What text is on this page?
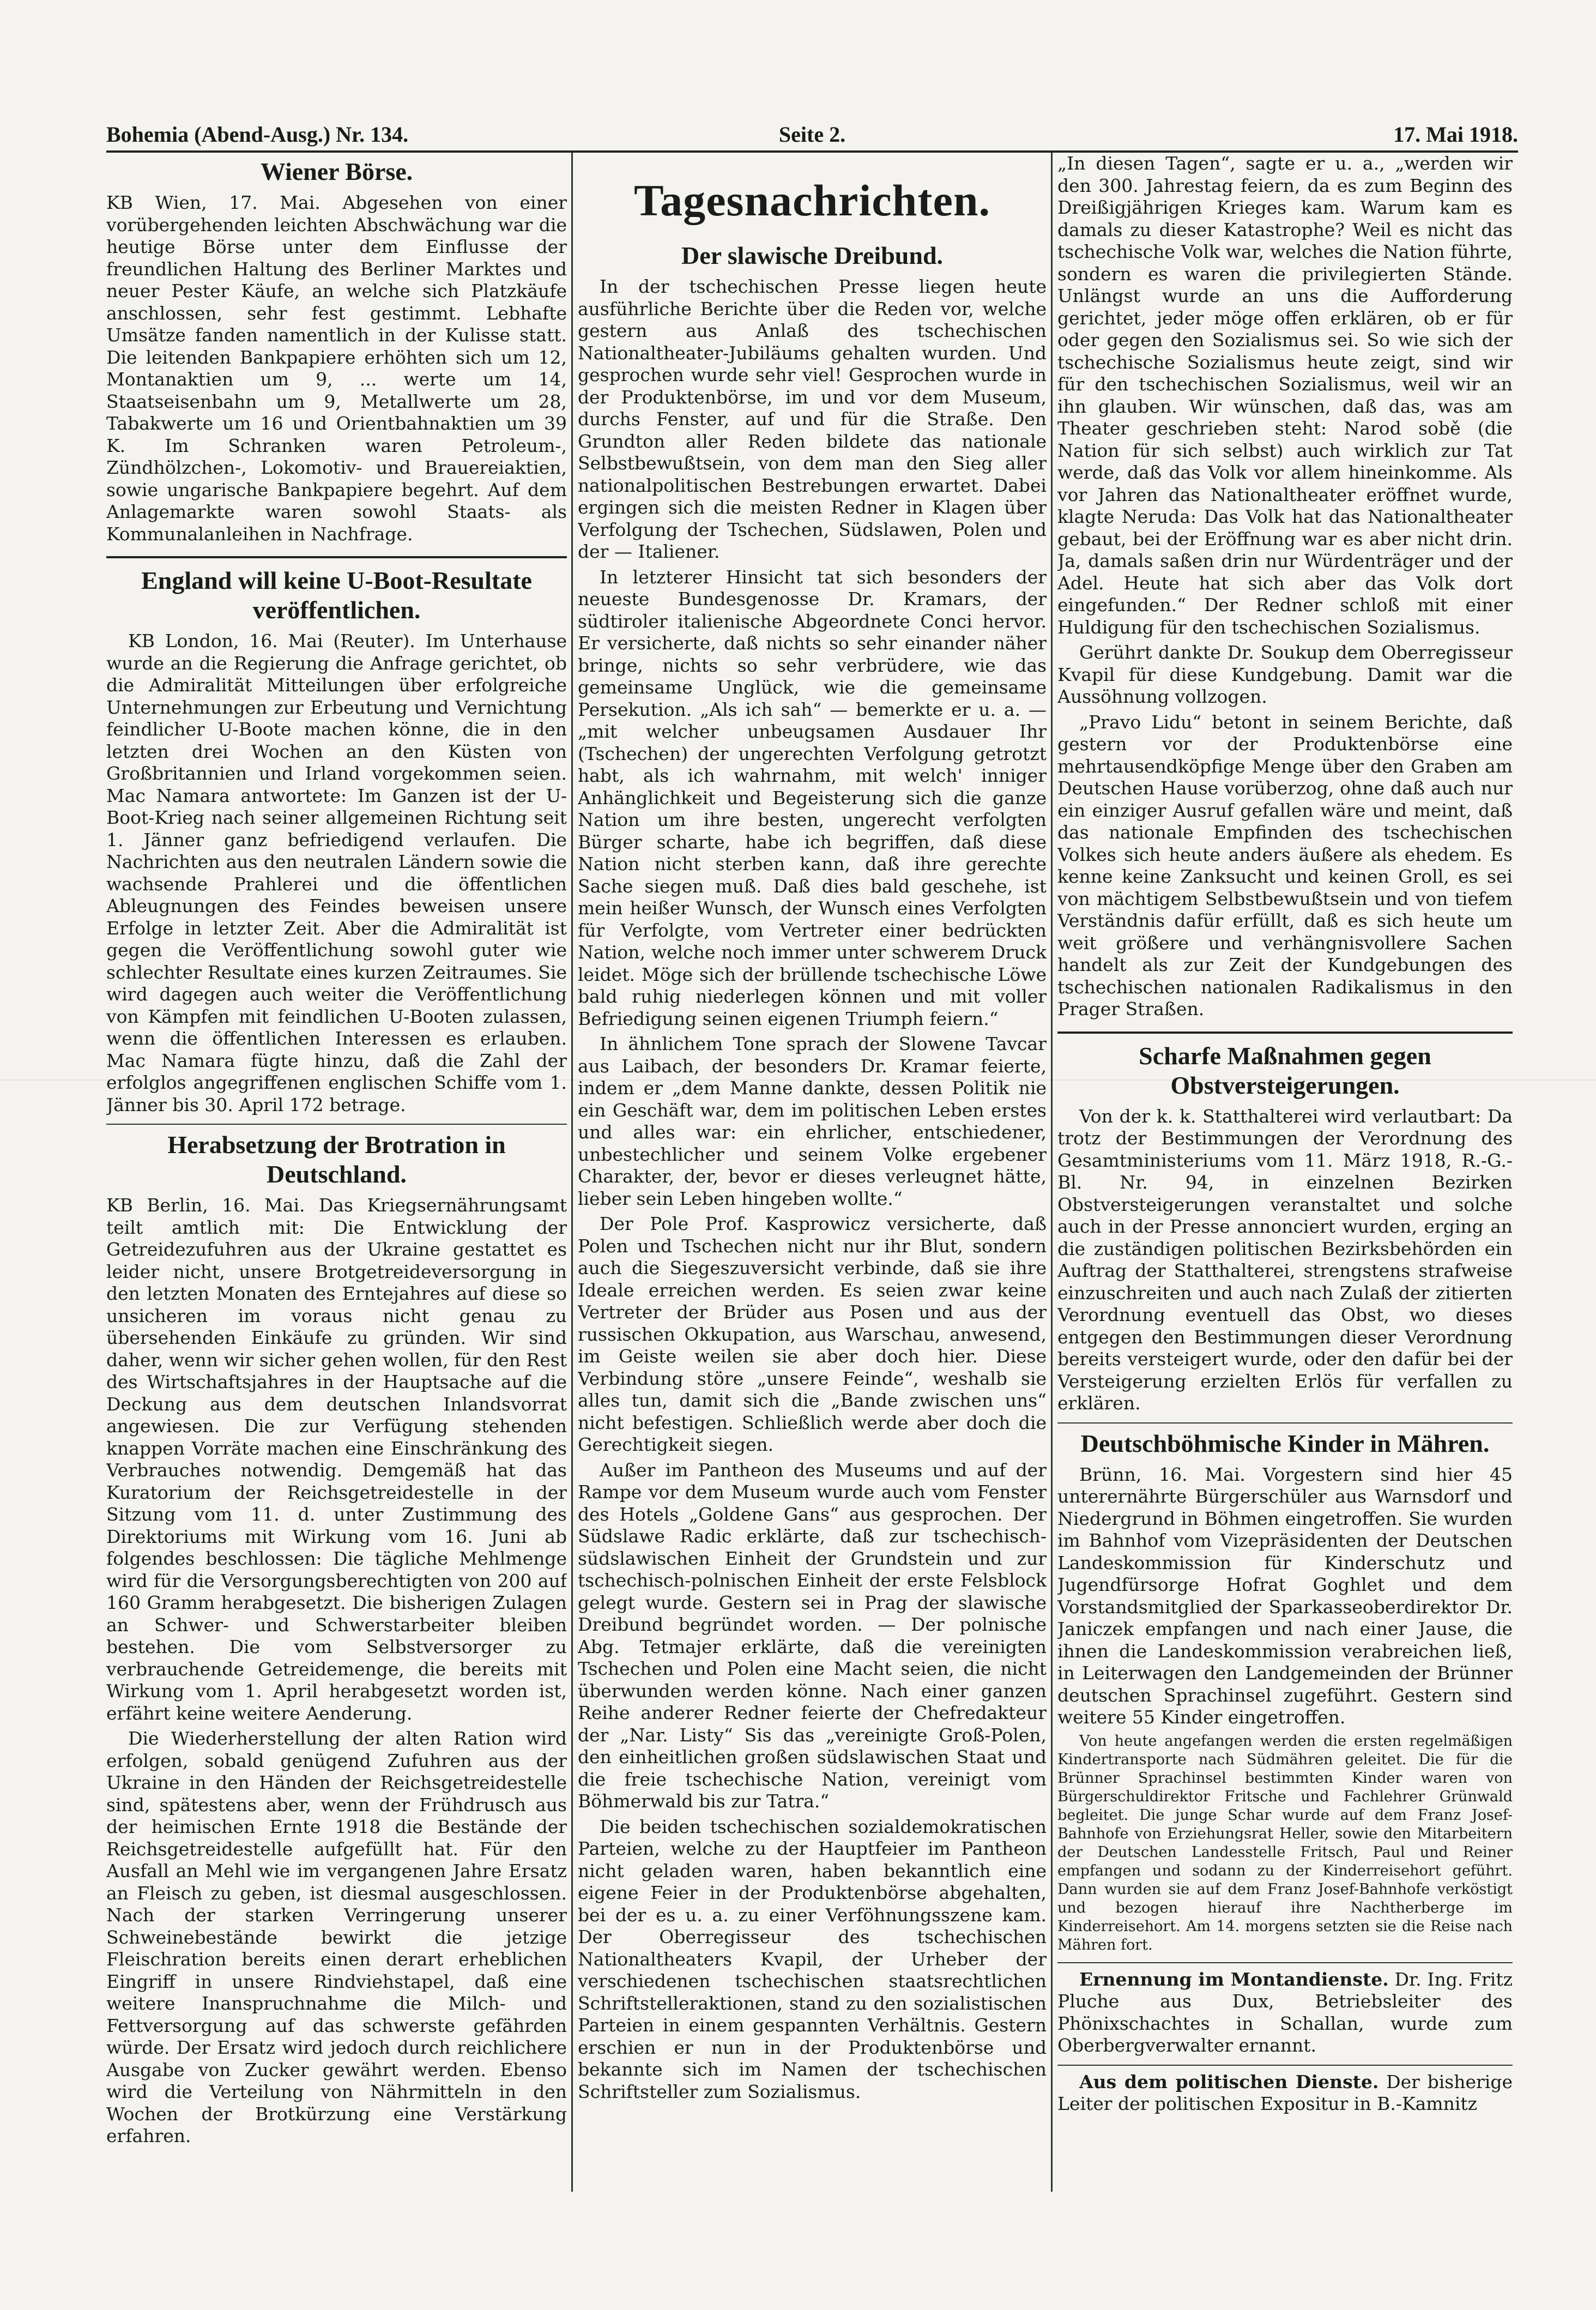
Bohemia (Abend-Ausg.) Nr. 134.	Seite 2.	17. Mai 1918.
Wiener Börse.

KB Wien, 17. Mai. Abgesehen von einer vorübergehenden leichten Abschwächung war die heutige Börse unter dem Einflusse der freundlichen Haltung des Berliner Marktes und neuer Pester Käufe, an welche sich Platzkäufe anschlossen, sehr fest gestimmt. Lebhafte Umsätze fanden namentlich in der Kulisse statt. Die leitenden Bankpapiere erhöhten sich um 12, Montanaktien um 9, ... werte um 14, Staatseisenbahn um 9, Metallwerte um 28, Tabakwerte um 16 und Orientbahnaktien um 39 K. Im Schranken waren Petroleum-, Zündhölzchen-, Lokomotiv- und Brauereiaktien, sowie ungarische Bankpapiere begehrt. Auf dem Anlagemarkte waren sowohl Staats- als Kommunalanleihen in Nachfrage.

England will keine U-Boot-Resultate veröffentlichen.

KB London, 16. Mai (Reuter). Im Unterhause wurde an die Regierung die Anfrage gerichtet, ob die Admiralität Mitteilungen über erfolgreiche Unternehmungen zur Erbeutung und Vernichtung feindlicher U-Boote machen könne, die in den letzten drei Wochen an den Küsten von Großbritannien und Irland vorgekommen seien. Mac Namara antwortete: Im Ganzen ist der U-Boot-Krieg nach seiner allgemeinen Richtung seit 1. Jänner ganz befriedigend verlaufen. Die Nachrichten aus den neutralen Ländern sowie die wachsende Prahlerei und die öffentlichen Ableugnungen des Feindes beweisen unsere Erfolge in letzter Zeit. Aber die Admiralität ist gegen die Veröffentlichung sowohl guter wie schlechter Resultate eines kurzen Zeitraumes. Sie wird dagegen auch weiter die Veröffentlichung von Kämpfen mit feindlichen U-Booten zulassen, wenn die öffentlichen Interessen es erlauben. Mac Namara fügte hinzu, daß die Zahl der erfolglos angegriffenen englischen Schiffe vom 1. Jänner bis 30. April 172 betrage.

Herabsetzung der Brotration in Deutschland.

KB Berlin, 16. Mai. Das Kriegsernährungsamt teilt amtlich mit: Die Entwicklung der Getreidezufuhren aus der Ukraine gestattet es leider nicht, unsere Brotgetreideversorgung in den letzten Monaten des Erntejahres auf diese so unsicheren im voraus nicht genau zu übersehenden Einkäufe zu gründen. Wir sind daher, wenn wir sicher gehen wollen, für den Rest des Wirtschaftsjahres in der Hauptsache auf die Deckung aus dem deutschen Inlandsvorrat angewiesen. Die zur Verfügung stehenden knappen Vorräte machen eine Einschränkung des Verbrauches notwendig. Demgemäß hat das Kuratorium der Reichsgetreidestelle in der Sitzung vom 11. d. unter Zustimmung des Direktoriums mit Wirkung vom 16. Juni ab folgendes beschlossen: Die tägliche Mehlmenge wird für die Versorgungsberechtigten von 200 auf 160 Gramm herabgesetzt. Die bisherigen Zulagen an Schwer- und Schwerstarbeiter bleiben bestehen. Die vom Selbstversorger zu verbrauchende Getreidemenge, die bereits mit Wirkung vom 1. April herabgesetzt worden ist, erfährt keine weitere Aenderung.

Die Wiederherstellung der alten Ration wird erfolgen, sobald genügend Zufuhren aus der Ukraine in den Händen der Reichsgetreidestelle sind, spätestens aber, wenn der Frühdrusch aus der heimischen Ernte 1918 die Bestände der Reichsgetreidestelle aufgefüllt hat. Für den Ausfall an Mehl wie im vergangenen Jahre Ersatz an Fleisch zu geben, ist diesmal ausgeschlossen. Nach der starken Verringerung unserer Schweinebestände bewirkt die jetzige Fleischration bereits einen derart erheblichen Eingriff in unsere Rindviehstapel, daß eine weitere Inanspruchnahme die Milch- und Fettversorgung auf das schwerste gefährden würde. Der Ersatz wird jedoch durch reichlichere Ausgabe von Zucker gewährt werden. Ebenso wird die Verteilung von Nährmitteln in den Wochen der Brotkürzung eine Verstärkung erfahren.

Tagesnachrichten.
Der slawische Dreibund.

In der tschechischen Presse liegen heute ausführliche Berichte über die Reden vor, welche gestern aus Anlaß des tschechischen Nationaltheater-Jubiläums gehalten wurden. Und gesprochen wurde sehr viel! Gesprochen wurde in der Produktenbörse, im und vor dem Museum, durchs Fenster, auf und für die Straße. Den Grundton aller Reden bildete das nationale Selbstbewußtsein, von dem man den Sieg aller nationalpolitischen Bestrebungen erwartet. Dabei ergingen sich die meisten Redner in Klagen über Verfolgung der Tschechen, Südslawen, Polen und der — Italiener.

In letzterer Hinsicht tat sich besonders der neueste Bundesgenosse Dr. Kramars, der südtiroler italienische Abgeordnete Conci hervor. Er versicherte, daß nichts so sehr einander näher bringe, nichts so sehr verbrüdere, wie das gemeinsame Unglück, wie die gemeinsame Persekution. „Als ich sah“ — bemerkte er u. a. — „mit welcher unbeugsamen Ausdauer Ihr (Tschechen) der ungerechten Verfolgung getrotzt habt, als ich wahrnahm, mit welch' inniger Anhänglichkeit und Begeisterung sich die ganze Nation um ihre besten, ungerecht verfolgten Bürger scharte, habe ich begriffen, daß diese Nation nicht sterben kann, daß ihre gerechte Sache siegen muß. Daß dies bald geschehe, ist mein heißer Wunsch, der Wunsch eines Verfolgten für Verfolgte, vom Vertreter einer bedrückten Nation, welche noch immer unter schwerem Druck leidet. Möge sich der brüllende tschechische Löwe bald ruhig niederlegen können und mit voller Befriedigung seinen eigenen Triumph feiern.“

In ähnlichem Tone sprach der Slowene Tavcar aus Laibach, der besonders Dr. Kramar feierte, indem er „dem Manne dankte, dessen Politik nie ein Geschäft war, dem im politischen Leben erstes und alles war: ein ehrlicher, entschiedener, unbestechlicher und seinem Volke ergebener Charakter, der, bevor er dieses verleugnet hätte, lieber sein Leben hingeben wollte.“

Der Pole Prof. Kasprowicz versicherte, daß Polen und Tschechen nicht nur ihr Blut, sondern auch die Siegeszuversicht verbinde, daß sie ihre Ideale erreichen werden. Es seien zwar keine Vertreter der Brüder aus Posen und aus der russischen Okkupation, aus Warschau, anwesend, im Geiste weilen sie aber doch hier. Diese Verbindung störe „unsere Feinde“, weshalb sie alles tun, damit sich die „Bande zwischen uns“ nicht befestigen. Schließlich werde aber doch die Gerechtigkeit siegen.

Außer im Pantheon des Museums und auf der Rampe vor dem Museum wurde auch vom Fenster des Hotels „Goldene Gans“ aus gesprochen. Der Südslawe Radic erklärte, daß zur tschechisch-südslawischen Einheit der Grundstein und zur tschechisch-polnischen Einheit der erste Felsblock gelegt wurde. Gestern sei in Prag der slawische Dreibund begründet worden. — Der polnische Abg. Tetmajer erklärte, daß die vereinigten Tschechen und Polen eine Macht seien, die nicht überwunden werden könne. Nach einer ganzen Reihe anderer Redner feierte der Chefredakteur der „Nar. Listy“ Sis das „vereinigte Groß-Polen, den einheitlichen großen südslawischen Staat und die freie tschechische Nation, vereinigt vom Böhmerwald bis zur Tatra.“

Die beiden tschechischen sozialdemokratischen Parteien, welche zu der Hauptfeier im Pantheon nicht geladen waren, haben bekanntlich eine eigene Feier in der Produktenbörse abgehalten, bei der es u. a. zu einer Verföhnungsszene kam. Der Oberregisseur des tschechischen Nationaltheaters Kvapil, der Urheber der verschiedenen tschechischen staatsrechtlichen Schriftstelleraktionen, stand zu den sozialistischen Parteien in einem gespannten Verhältnis. Gestern erschien er nun in der Produktenbörse und bekannte sich im Namen der tschechischen Schriftsteller zum Sozialismus.

„In diesen Tagen“, sagte er u. a., „werden wir den 300. Jahrestag feiern, da es zum Beginn des Dreißigjährigen Krieges kam. Warum kam es damals zu dieser Katastrophe? Weil es nicht das tschechische Volk war, welches die Nation führte, sondern es waren die privilegierten Stände. Unlängst wurde an uns die Aufforderung gerichtet, jeder möge offen erklären, ob er für oder gegen den Sozialismus sei. So wie sich der tschechische Sozialismus heute zeigt, sind wir für den tschechischen Sozialismus, weil wir an ihn glauben. Wir wünschen, daß das, was am Theater geschrieben steht: Narod sobě (die Nation für sich selbst) auch wirklich zur Tat werde, daß das Volk vor allem hineinkomme. Als vor Jahren das Nationaltheater eröffnet wurde, klagte Neruda: Das Volk hat das Nationaltheater gebaut, bei der Eröffnung war es aber nicht drin. Ja, damals saßen drin nur Würdenträger und der Adel. Heute hat sich aber das Volk dort eingefunden.“ Der Redner schloß mit einer Huldigung für den tschechischen Sozialismus.

Gerührt dankte Dr. Soukup dem Oberregisseur Kvapil für diese Kundgebung. Damit war die Aussöhnung vollzogen.

„Pravo Lidu“ betont in seinem Berichte, daß gestern vor der Produktenbörse eine mehrtausendköpfige Menge über den Graben am Deutschen Hause vorüberzog, ohne daß auch nur ein einziger Ausruf gefallen wäre und meint, daß das nationale Empfinden des tschechischen Volkes sich heute anders äußere als ehedem. Es kenne keine Zanksucht und keinen Groll, es sei von mächtigem Selbstbewußtsein und von tiefem Verständnis dafür erfüllt, daß es sich heute um weit größere und verhängnisvollere Sachen handelt als zur Zeit der Kundgebungen des tschechischen nationalen Radikalismus in den Prager Straßen.

Scharfe Maßnahmen gegen Obstversteigerungen.

Von der k. k. Statthalterei wird verlautbart: Da trotz der Bestimmungen der Verordnung des Gesamtministeriums vom 11. März 1918, R.-G.-Bl. Nr. 94, in einzelnen Bezirken Obstversteigerungen veranstaltet und solche auch in der Presse annonciert wurden, erging an die zuständigen politischen Bezirksbehörden ein Auftrag der Statthalterei, strengstens strafweise einzuschreiten und auch nach Zulaß der zitierten Verordnung eventuell das Obst, wo dieses entgegen den Bestimmungen dieser Verordnung bereits versteigert wurde, oder den dafür bei der Versteigerung erzielten Erlös für verfallen zu erklären.

Deutschböhmische Kinder in Mähren.

Brünn, 16. Mai. Vorgestern sind hier 45 unterernährte Bürgerschüler aus Warnsdorf und Niedergrund in Böhmen eingetroffen. Sie wurden im Bahnhof vom Vizepräsidenten der Deutschen Landeskommission für Kinderschutz und Jugendfürsorge Hofrat Goghlet und dem Vorstandsmitglied der Sparkasseoberdirektor Dr. Janiczek empfangen und nach einer Jause, die ihnen die Landeskommission verabreichen ließ, in Leiterwagen den Landgemeinden der Brünner deutschen Sprachinsel zugeführt. Gestern sind weitere 55 Kinder eingetroffen.

Von heute angefangen werden die ersten regelmäßigen Kindertransporte nach Südmähren geleitet. Die für die Brünner Sprachinsel bestimmten Kinder waren von Bürgerschuldirektor Fritsche und Fachlehrer Grünwald begleitet. Die junge Schar wurde auf dem Franz Josef-Bahnhofe von Erziehungsrat Heller, sowie den Mitarbeitern der Deutschen Landesstelle Fritsch, Paul und Reiner empfangen und sodann zu der Kinderreisehort geführt. Dann wurden sie auf dem Franz Josef-Bahnhofe verköstigt und bezogen hierauf ihre Nachtherberge im Kinderreisehort. Am 14. morgens setzten sie die Reise nach Mähren fort.

Ernennung im Montandienste. Dr. Ing. Fritz Pluche aus Dux, Betriebsleiter des Phönixschachtes in Schallan, wurde zum Oberbergverwalter ernannt.

Aus dem politischen Dienste. Der bisherige Leiter der politischen Expositur in B.-Kamnitz
